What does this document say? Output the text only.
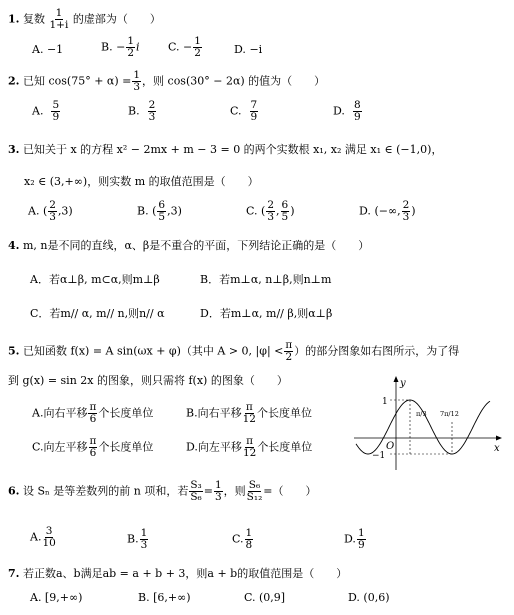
1. 复数 $\frac{1}{1+i}$ 的虚部为（　　）
A. −1	B. − $\frac{1}{2}$ i	C. − $\frac{1}{2}$	D. −i
2. 已知 $\cos(75^\circ + \alpha) = \frac{1}{3}$ ，则 cos(30° − 2α) 的值为（　　）
A. $\frac{5}{9}$	B. $\frac{2}{3}$	C. $\frac{7}{9}$	D. $\frac{8}{9}$
3. 已知关于 x 的方程 x² − 2mx + m − 3 = 0 的两个实数根 x₁, x₂ 满足 x₁ ∈ (−1,0)，
x₂ ∈ (3,+∞)，则实数 m 的取值范围是（　　）
A. ( $\frac{2}{3} ,3$)	B. ( $\frac{6}{5} ,3$)	C. ( $\frac{2}{3}$ , $\frac{6}{5}$ )	D. (−∞, $\frac{2}{3}$ )
4. m, n是不同的直线，α、β是不重合的平面，下列结论正确的是（　　）
A．若α⊥β, m⊂α,则m⊥β	B．若m⊥α, n⊥β,则n⊥m
C．若m// α, m// n,则n// α	D．若m⊥α, m// β,则α⊥β
5. 已知函数 f(x) = A sin(ωx + φ)（其中 A > 0, $|\varphi| < \frac{\pi}{2}$ ）的部分图象如右图所示，为了得
到 g(x) = sin 2x 的图象，则只需将 f(x) 的图象（　　）
A.向右平移 $\frac{\pi}{6}$ 个长度单位	B.向右平移 $\frac{\pi}{12}$ 个长度单位
C.向左平移 $\frac{\pi}{6}$ 个长度单位	D.向左平移 $\frac{\pi}{12}$ 个长度单位
y
x
O
1
−1
π/3 7π/12
6. 设 Sₙ 是等差数列的前 n 项和，若 $\frac{\text{S₃}}{\text{S₆}} = \frac{1}{3}$ ，则 $\frac{\text{S₆}}{\text{S₁₂}}$ =（　　）
A. $\frac{3}{10}$	B. $\frac{1}{3}$	C. $\frac{1}{8}$	D. $\frac{1}{9}$
7. 若正数a、b满足ab = a + b + 3，则a + b的取值范围是（　　）
A. [9,+∞)	B. [6,+∞)	C. (0,9]	D. (0,6)
